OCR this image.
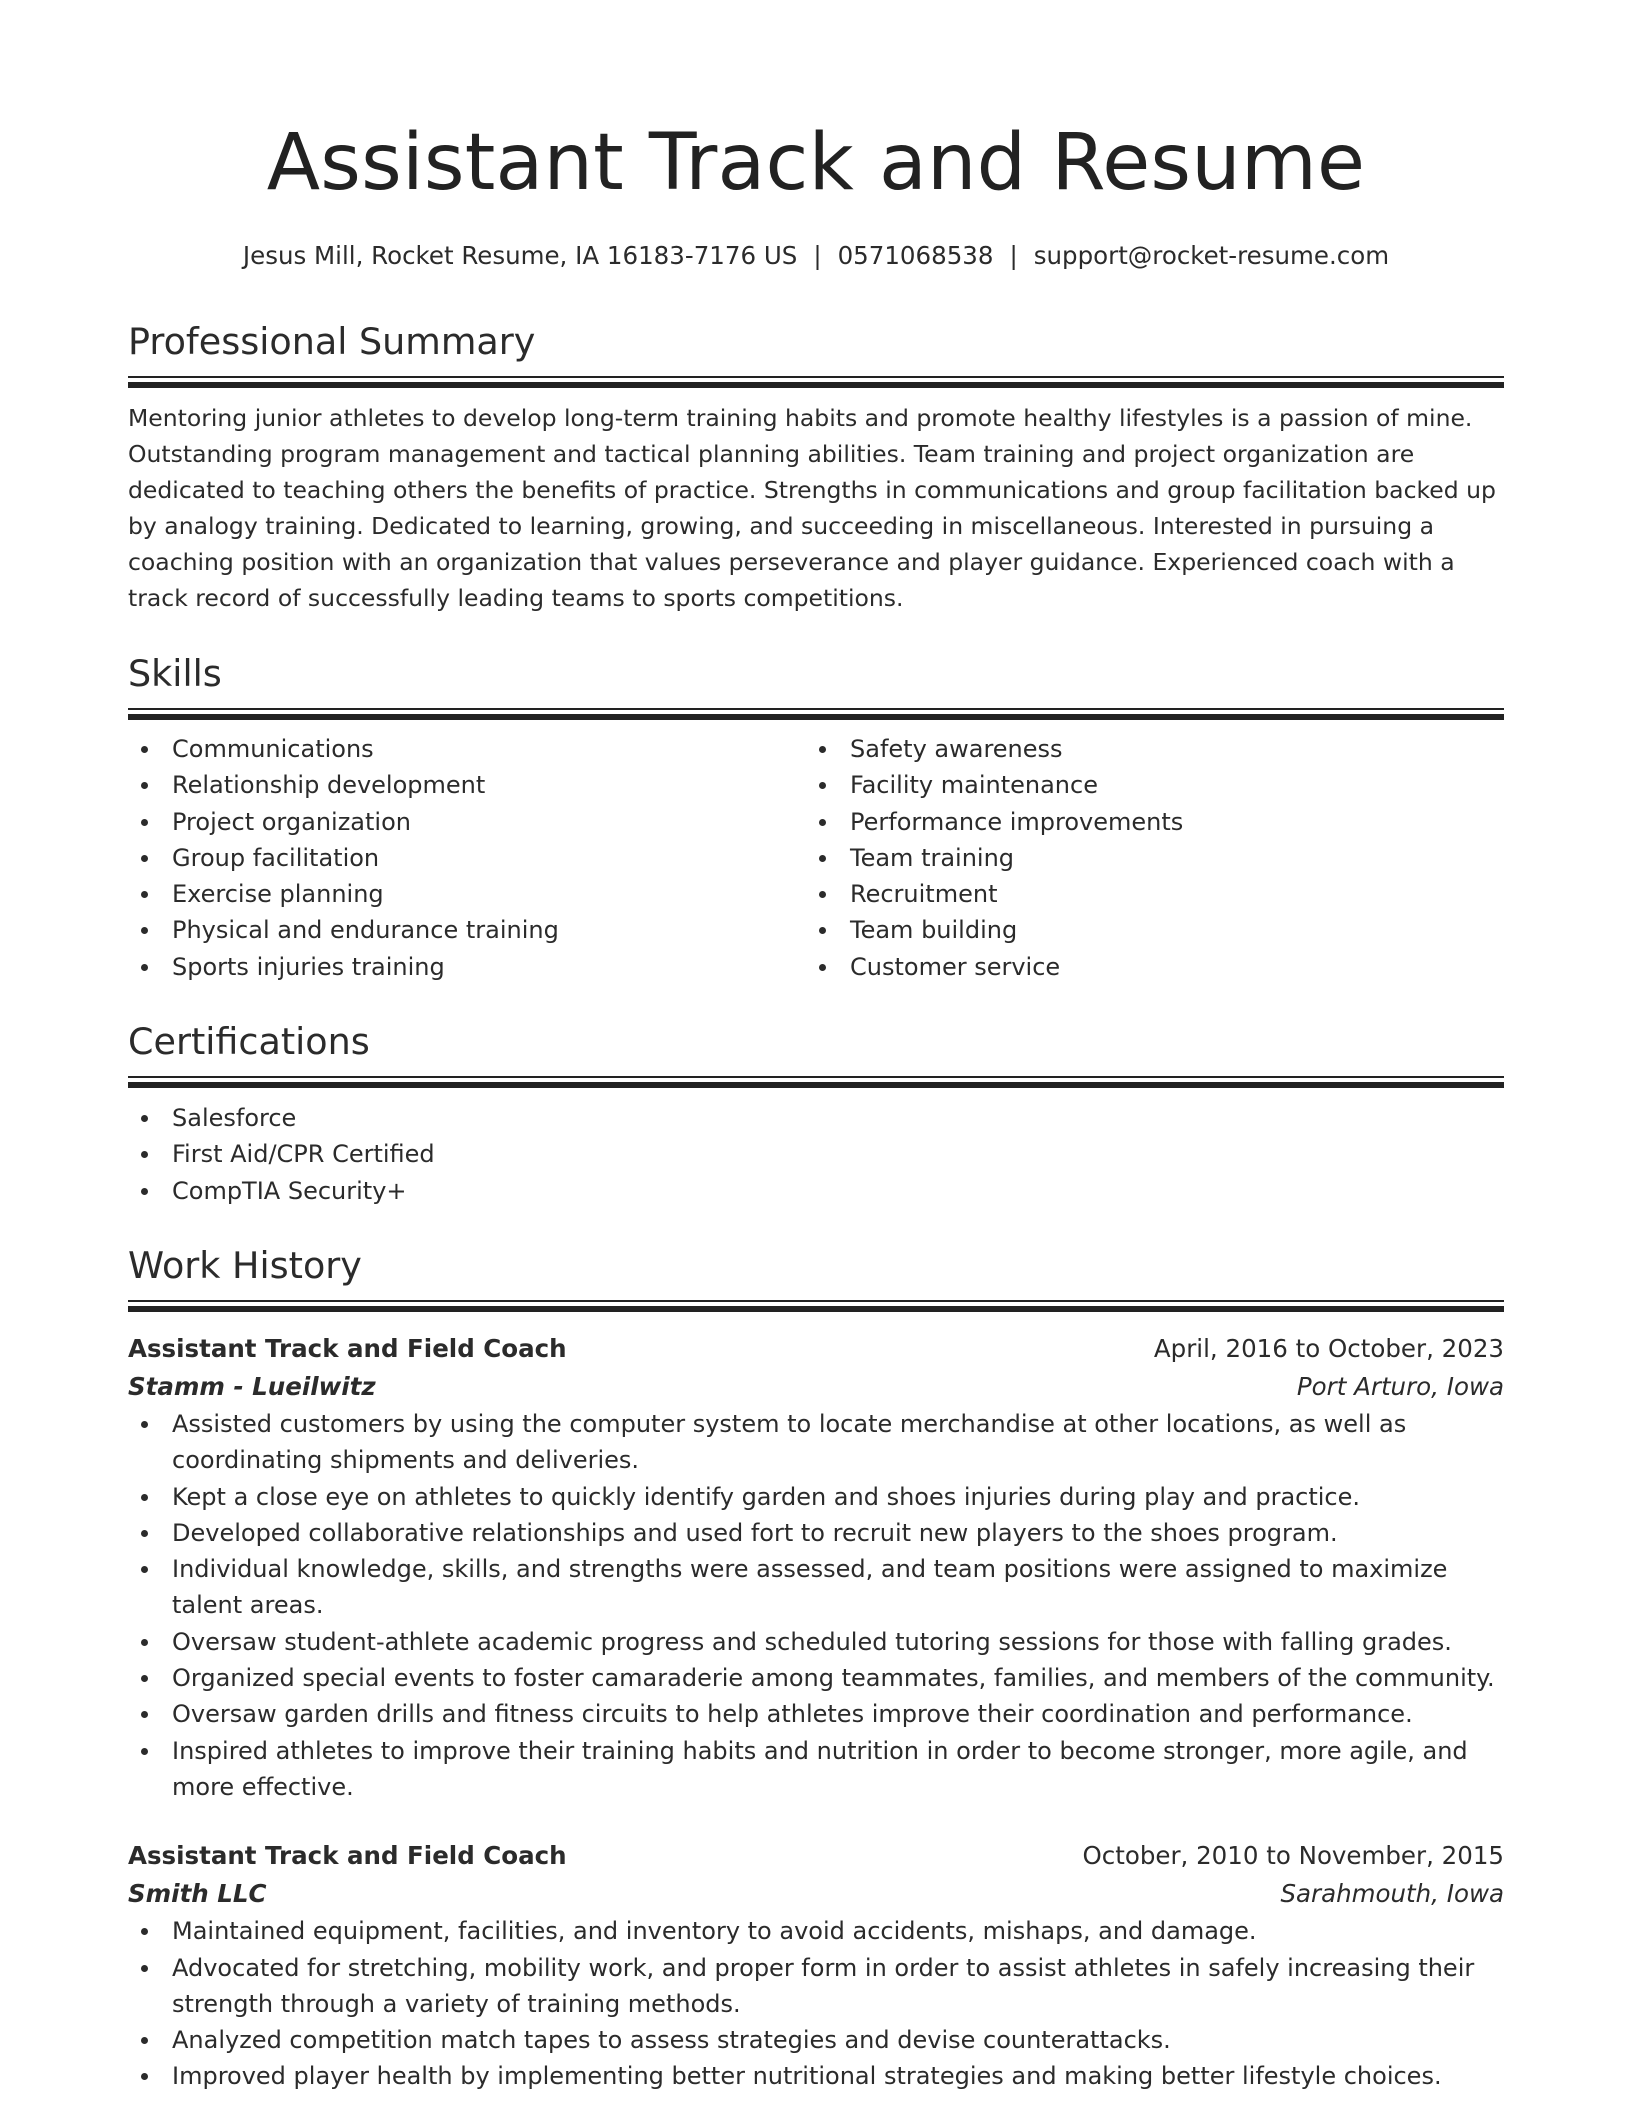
Assistant Track and Resume
Jesus Mill, Rocket Resume, IA 16183-7176 US | 0571068538 | support@rocket-resume.com
Professional Summary

Mentoring junior athletes to develop long-term training habits and promote healthy lifestyles is a passion of mine. Outstanding program management and tactical planning abilities. Team training and project organization are dedicated to teaching others the benefits of practice. Strengths in communications and group facilitation backed up by analogy training. Dedicated to learning, growing, and succeeding in miscellaneous. Interested in pursuing a coaching position with an organization that values perseverance and player guidance. Experienced coach with a track record of successfully leading teams to sports competitions.

Skills
Communications
Relationship development
Project organization
Group facilitation
Exercise planning
Physical and endurance training
Sports injuries training
Safety awareness
Facility maintenance
Performance improvements
Team training
Recruitment
Team building
Customer service
Certifications
Salesforce
First Aid/CPR Certified
CompTIA Security+
Work History
Assistant Track and Field Coach	April, 2016 to October, 2023
Stamm - Lueilwitz	Port Arturo, Iowa
Assisted customers by using the computer system to locate merchandise at other locations, as well as coordinating shipments and deliveries.
Kept a close eye on athletes to quickly identify garden and shoes injuries during play and practice.
Developed collaborative relationships and used fort to recruit new players to the shoes program.
Individual knowledge, skills, and strengths were assessed, and team positions were assigned to maximize talent areas.
Oversaw student-athlete academic progress and scheduled tutoring sessions for those with falling grades.
Organized special events to foster camaraderie among teammates, families, and members of the community.
Oversaw garden drills and fitness circuits to help athletes improve their coordination and performance.
Inspired athletes to improve their training habits and nutrition in order to become stronger, more agile, and more effective.
Assistant Track and Field Coach	October, 2010 to November, 2015
Smith LLC	Sarahmouth, Iowa
Maintained equipment, facilities, and inventory to avoid accidents, mishaps, and damage.
Advocated for stretching, mobility work, and proper form in order to assist athletes in safely increasing their strength through a variety of training methods.
Analyzed competition match tapes to assess strategies and devise counterattacks.
Improved player health by implementing better nutritional strategies and making better lifestyle choices.
